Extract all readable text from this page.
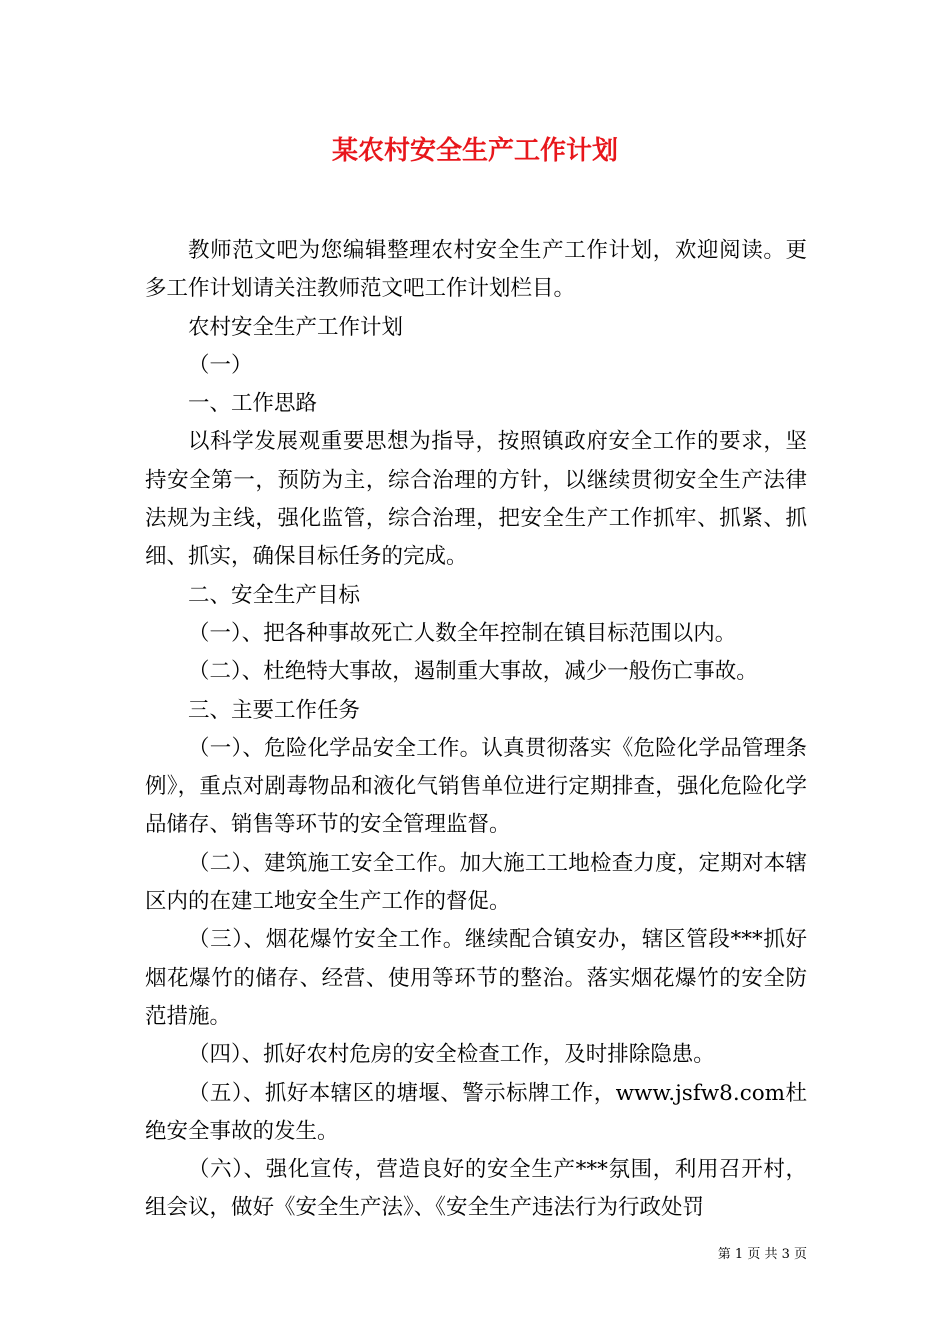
某农村安全生产工作计划

教师范文吧为您编辑整理农村安全生产工作计划，欢迎阅读。更多工作计划请关注教师范文吧工作计划栏目。

农村安全生产工作计划

（一）

一、工作思路

以科学发展观重要思想为指导，按照镇政府安全工作的要求，坚持安全第一，预防为主，综合治理的方针，以继续贯彻安全生产法律法规为主线，强化监管，综合治理，把安全生产工作抓牢、抓紧、抓细、抓实，确保目标任务的完成。

二、安全生产目标

（一）、把各种事故死亡人数全年控制在镇目标范围以内。

（二）、杜绝特大事故，遏制重大事故，减少一般伤亡事故。

三、主要工作任务

（一）、危险化学品安全工作。认真贯彻落实《危险化学品管理条例》，重点对剧毒物品和液化气销售单位进行定期排查，强化危险化学品储存、销售等环节的安全管理监督。

（二）、建筑施工安全工作。加大施工工地检查力度，定期对本辖区内的在建工地安全生产工作的督促。

（三）、烟花爆竹安全工作。继续配合镇安办，辖区管段***抓好烟花爆竹的储存、经营、使用等环节的整治。落实烟花爆竹的安全防范措施。

（四）、抓好农村危房的安全检查工作，及时排除隐患。

（五）、抓好本辖区的塘堰、警示标牌工作，www.jsfw8.com杜绝安全事故的发生。

（六）、强化宣传，营造良好的安全生产***氛围，利用召开村，组会议，做好《安全生产法》、《安全生产违法行为行政处罚

第 1 页 共 3 页
